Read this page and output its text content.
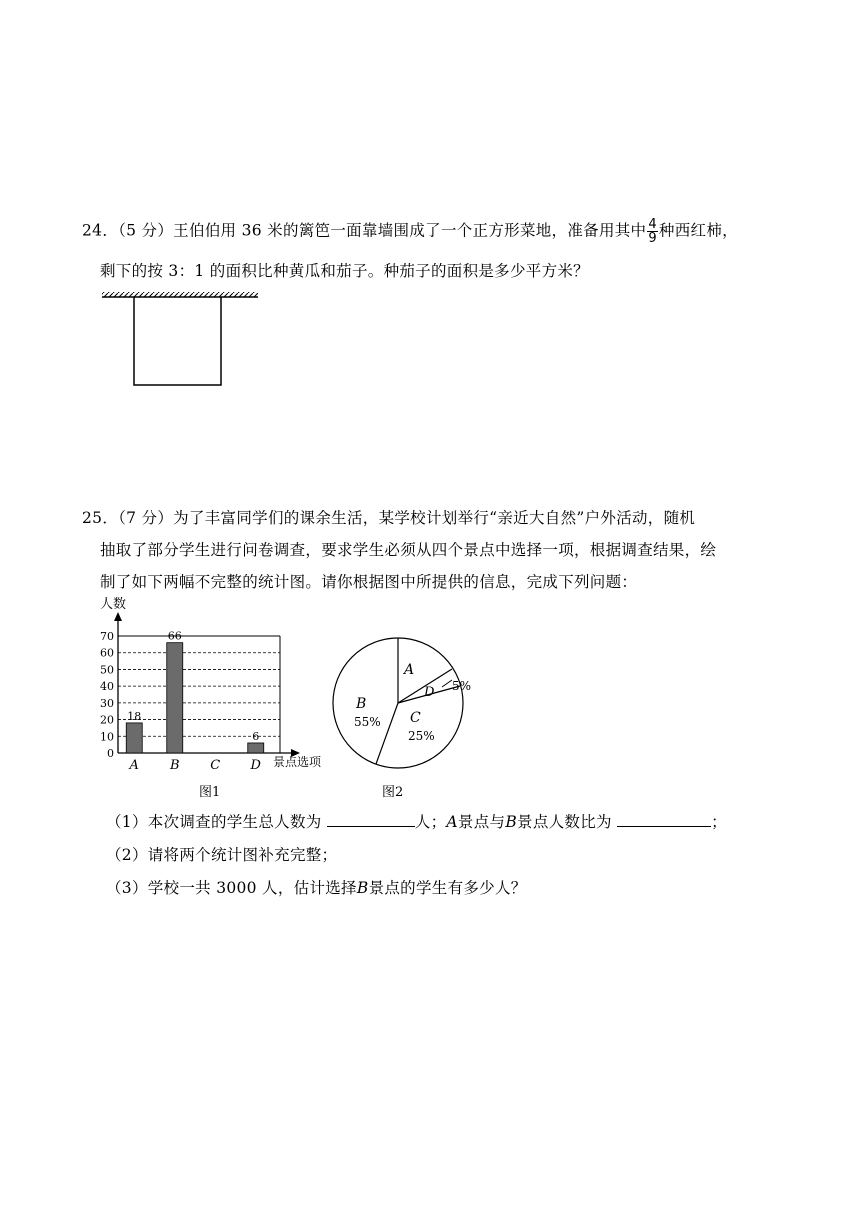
24．（5 分）王伯伯用 36 米的篱笆一面靠墙围成了一个正方形菜地，准备用其中 $\frac{4}{9}$ 种西红柿，
剩下的按 3：1 的面积比种黄瓜和茄子。种茄子的面积是多少平方米？
25．（7 分）为了丰富同学们的课余生活，某学校计划举行“亲近大自然”户外活动，随机
抽取了部分学生进行问卷调查，要求学生必须从四个景点中选择一项，根据调查结果，绘
制了如下两幅不完整的统计图。请你根据图中所提供的信息，完成下列问题：
0
10
20
30
40
50
60
70
18
66
6
A B C D
人数
景点选项
图1
A
D 5%
C
25%
B
55%
图2
（1）本次调查的学生总人数为	人；A景点与B景点人数比为	；
（2）请将两个统计图补充完整；
（3）学校一共 3000 人，估计选择B景点的学生有多少人？
